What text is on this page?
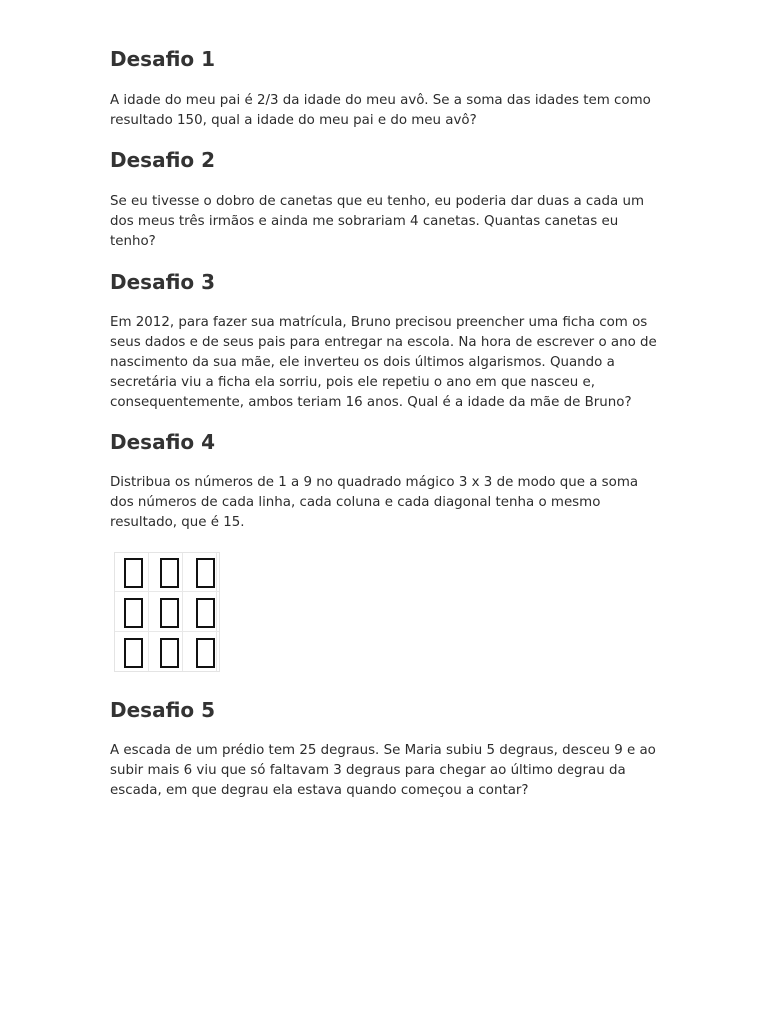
Desafio 1

A idade do meu pai é 2/3 da idade do meu avô. Se a soma das idades tem como resultado 150, qual a idade do meu pai e do meu avô?

Desafio 2

Se eu tivesse o dobro de canetas que eu tenho, eu poderia dar duas a cada um dos meus três irmãos e ainda me sobrariam 4 canetas. Quantas canetas eu tenho?

Desafio 3

Em 2012, para fazer sua matrícula, Bruno precisou preencher uma ficha com os seus dados e de seus pais para entregar na escola. Na hora de escrever o ano de nascimento da sua mãe, ele inverteu os dois últimos algarismos. Quando a secretária viu a ficha ela sorriu, pois ele repetiu o ano em que nasceu e, consequentemente, ambos teriam 16 anos. Qual é a idade da mãe de Bruno?

Desafio 4

Distribua os números de 1 a 9 no quadrado mágico 3 x 3 de modo que a soma dos números de cada linha, cada coluna e cada diagonal tenha o mesmo resultado, que é 15.

Desafio 5

A escada de um prédio tem 25 degraus. Se Maria subiu 5 degraus, desceu 9 e ao subir mais 6 viu que só faltavam 3 degraus para chegar ao último degrau da escada, em que degrau ela estava quando começou a contar?
